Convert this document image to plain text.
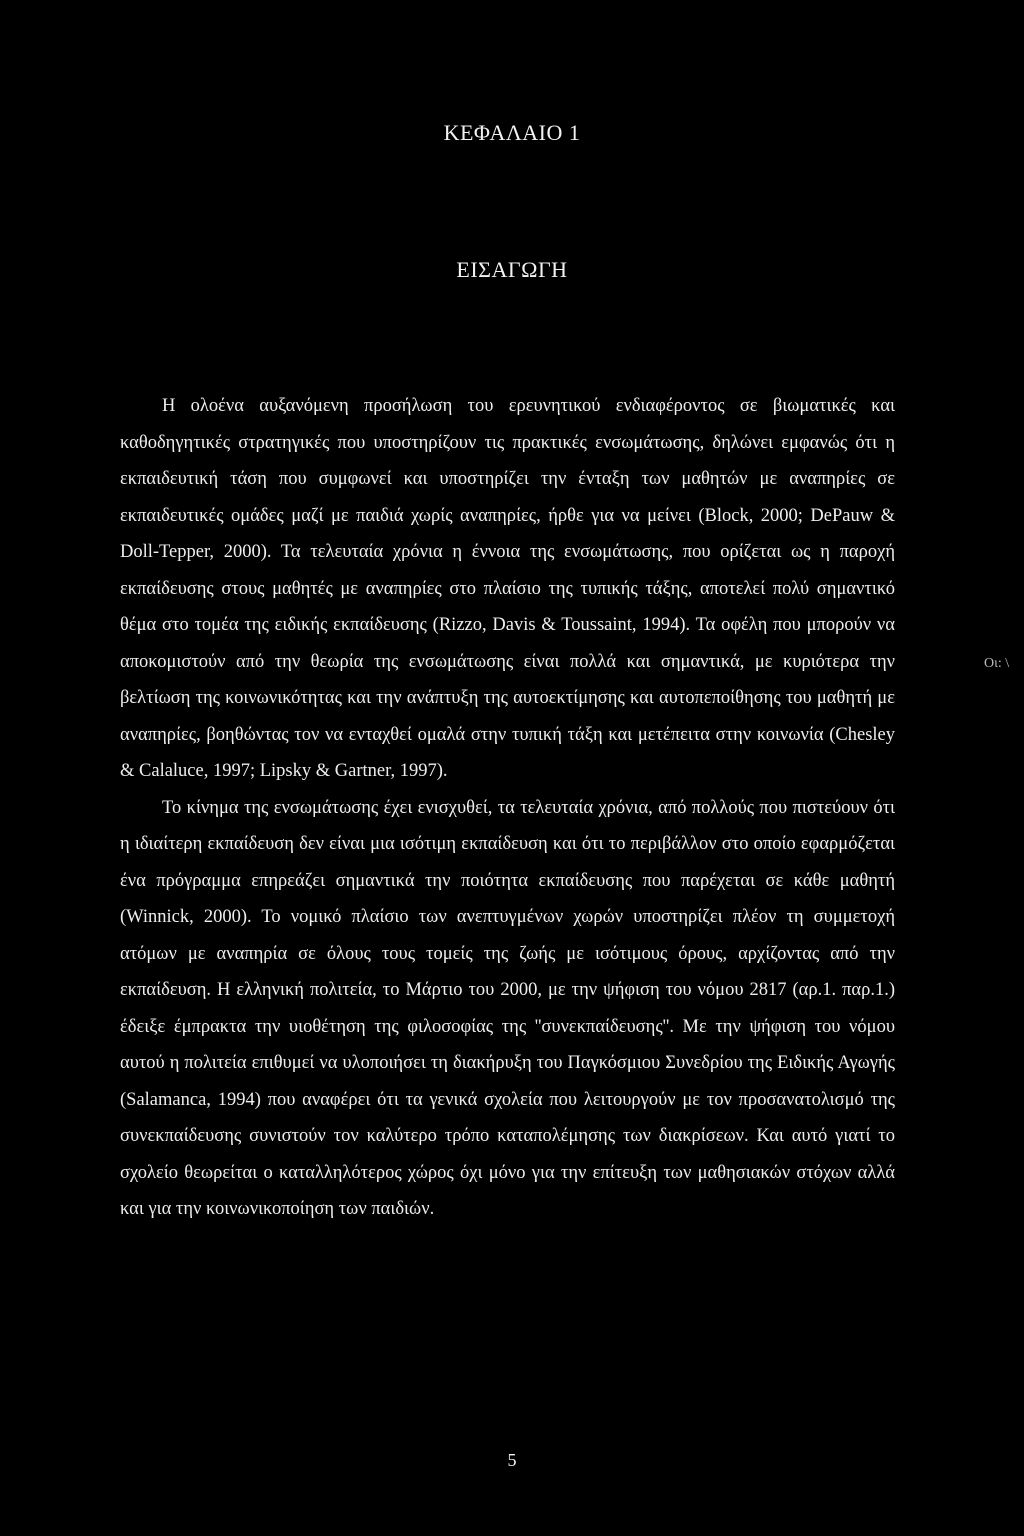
ΚΕΦΑΛΑΙΟ 1
ΕΙΣΑΓΩΓΗ

Η ολοένα αυξανόμενη προσήλωση του ερευνητικού ενδιαφέροντος σε βιωματικές και καθοδηγητικές στρατηγικές που υποστηρίζουν τις πρακτικές ενσωμάτωσης, δηλώνει εμφανώς ότι η εκπαιδευτική τάση που συμφωνεί και υποστηρίζει την ένταξη των μαθητών με αναπηρίες σε εκπαιδευτικές ομάδες μαζί με παιδιά χωρίς αναπηρίες, ήρθε για να μείνει (Block, 2000; DePauw & Doll-Tepper, 2000). Τα τελευταία χρόνια η έννοια της ενσωμάτωσης, που ορίζεται ως η παροχή εκπαίδευσης στους μαθητές με αναπηρίες στο πλαίσιο της τυπικής τάξης, αποτελεί πολύ σημαντικό θέμα στο τομέα της ειδικής εκπαίδευσης (Rizzo, Davis & Toussaint, 1994). Τα οφέλη που μπορούν να αποκομιστούν από την θεωρία της ενσωμάτωσης είναι πολλά και σημαντικά, με κυριότερα την βελτίωση της κοινωνικότητας και την ανάπτυξη της αυτοεκτίμησης και αυτοπεποίθησης του μαθητή με αναπηρίες, βοηθώντας τον να ενταχθεί ομαλά στην τυπική τάξη και μετέπειτα στην κοινωνία (Chesley & Calaluce, 1997; Lipsky & Gartner, 1997).

Το κίνημα της ενσωμάτωσης έχει ενισχυθεί, τα τελευταία χρόνια, από πολλούς που πιστεύουν ότι η ιδιαίτερη εκπαίδευση δεν είναι μια ισότιμη εκπαίδευση και ότι το περιβάλλον στο οποίο εφαρμόζεται ένα πρόγραμμα επηρεάζει σημαντικά την ποιότητα εκπαίδευσης που παρέχεται σε κάθε μαθητή (Winnick, 2000). Το νομικό πλαίσιο των ανεπτυγμένων χωρών υποστηρίζει πλέον τη συμμετοχή ατόμων με αναπηρία σε όλους τους τομείς της ζωής με ισότιμους όρους, αρχίζοντας από την εκπαίδευση. Η ελληνική πολιτεία, το Μάρτιο του 2000, με την ψήφιση του νόμου 2817 (αρ.1. παρ.1.) έδειξε έμπρακτα την υιοθέτηση της φιλοσοφίας της ''συνεκπαίδευσης''. Με την ψήφιση του νόμου αυτού η πολιτεία επιθυμεί να υλοποιήσει τη διακήρυξη του Παγκόσμιου Συνεδρίου της Ειδικής Αγωγής (Salamanca, 1994) που αναφέρει ότι τα γενικά σχολεία που λειτουργούν με τον προσανατολισμό της συνεκπαίδευσης συνιστούν τον καλύτερο τρόπο καταπολέμησης των διακρίσεων. Και αυτό γιατί το σχολείο θεωρείται ο καταλληλότερος χώρος όχι μόνο για την επίτευξη των μαθησιακών στόχων αλλά και για την κοινωνικοποίηση των παιδιών.

Οι: \
5
